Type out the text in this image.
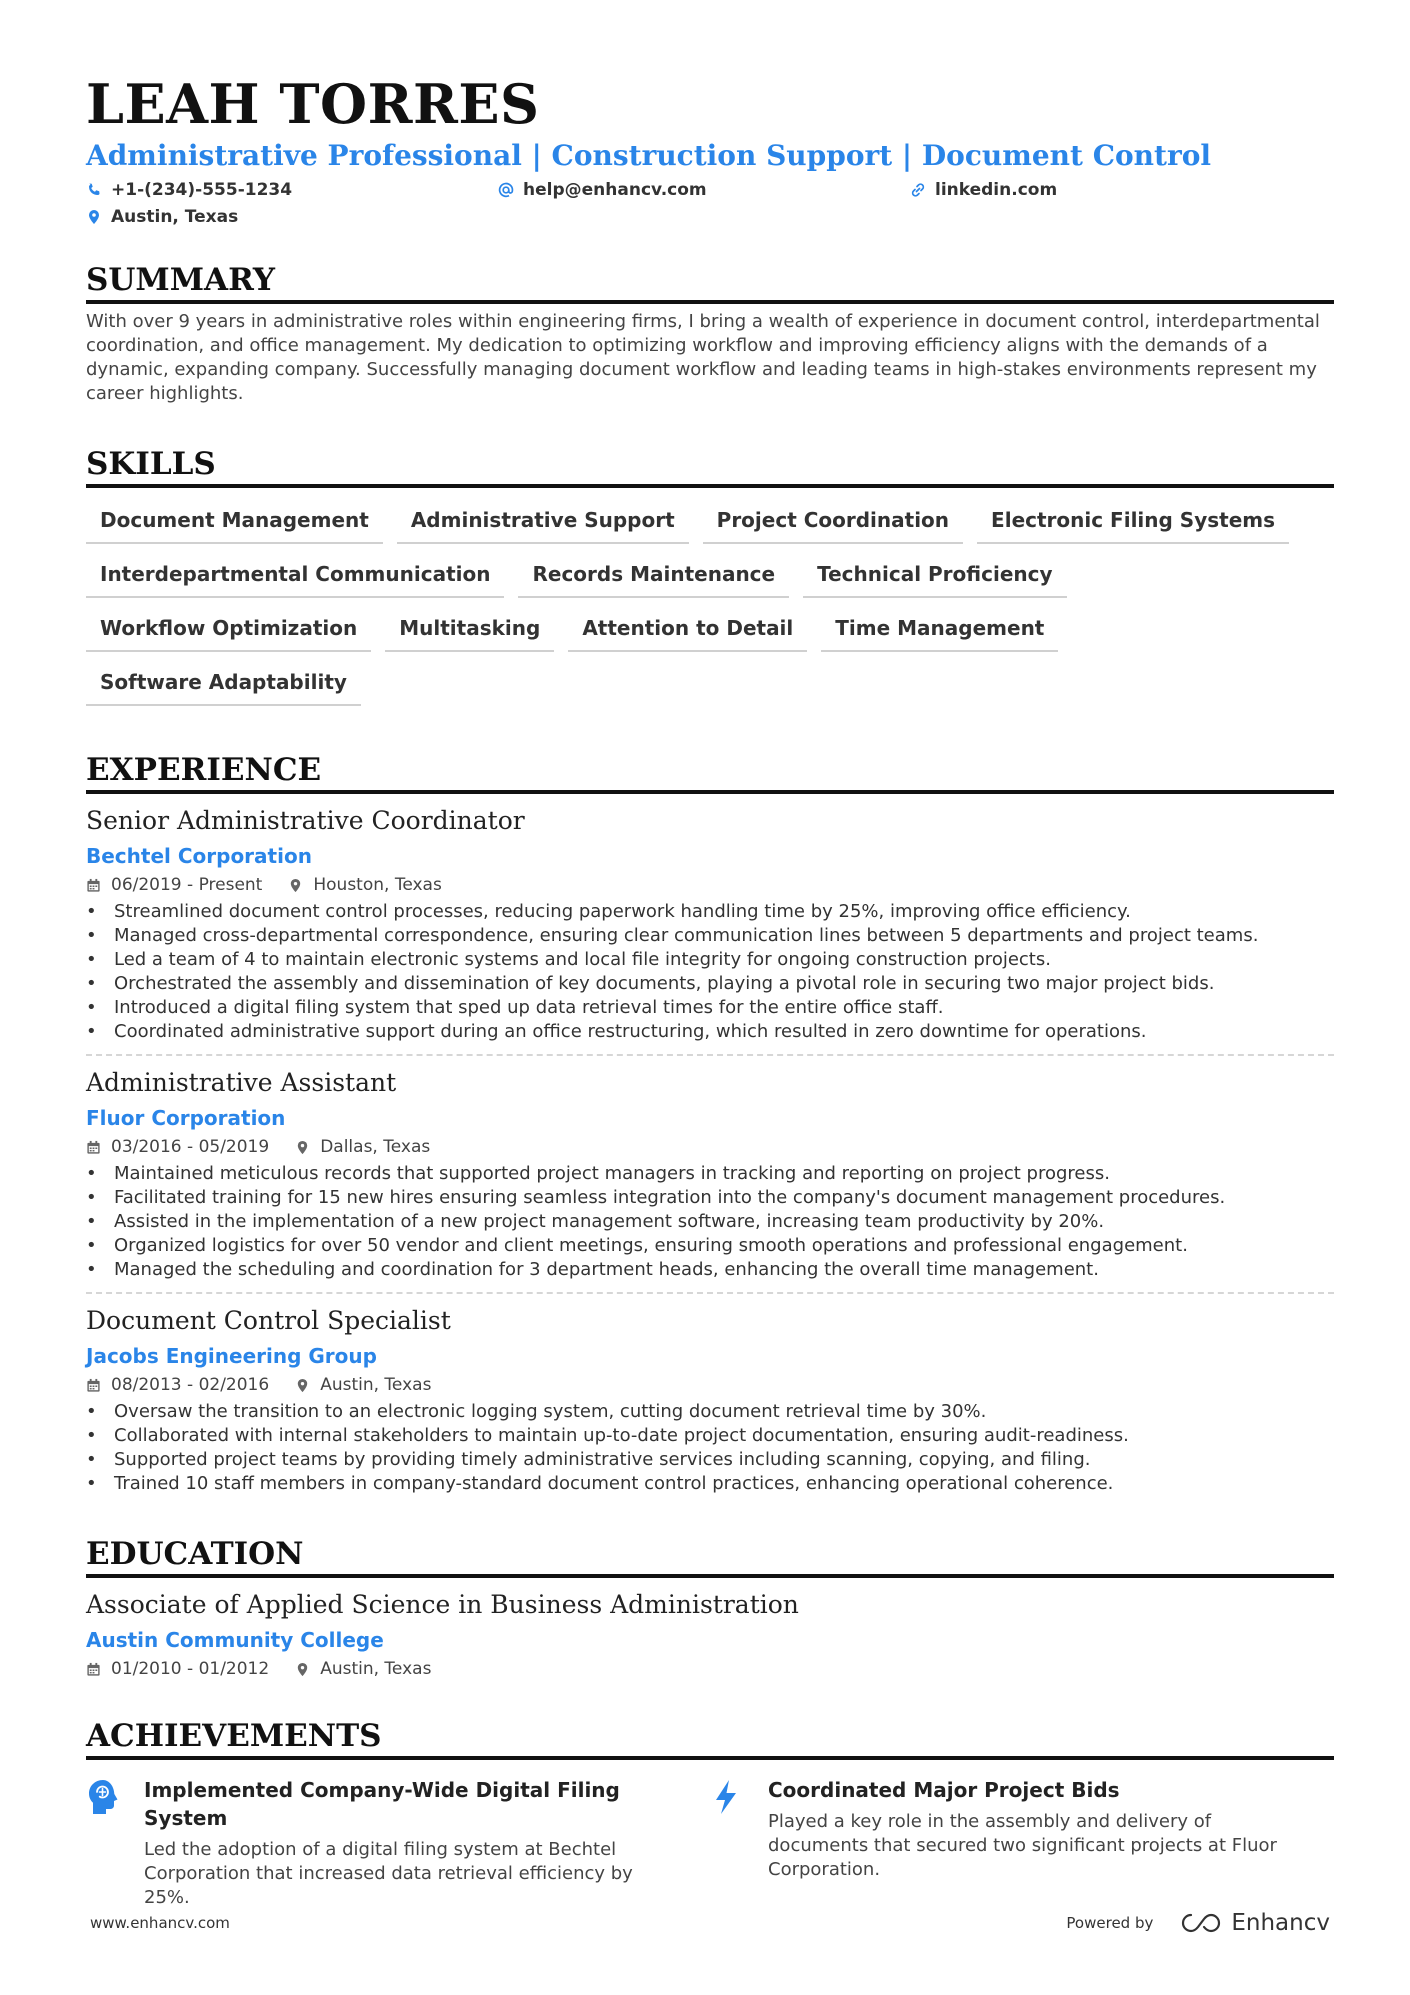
LEAH TORRES
Administrative Professional | Construction Support | Document Control
+1-(234)-555-1234	help@enhancv.com	linkedin.com
Austin, Texas
SUMMARY

With over 9 years in administrative roles within engineering firms, I bring a wealth of experience in document control, interdepartmental coordination, and office management. My dedication to optimizing workflow and improving efficiency aligns with the demands of a dynamic, expanding company. Successfully managing document workflow and leading teams in high-stakes environments represent my career highlights.

SKILLS
Document Management	Administrative Support	Project Coordination	Electronic Filing Systems
Interdepartmental Communication	Records Maintenance	Technical Proficiency
Workflow Optimization	Multitasking	Attention to Detail	Time Management
Software Adaptability
EXPERIENCE
Senior Administrative Coordinator
Bechtel Corporation
06/2019 - Present	Houston, Texas
• Streamlined document control processes, reducing paperwork handling time by 25%, improving office efficiency.
• Managed cross-departmental correspondence, ensuring clear communication lines between 5 departments and project teams.
• Led a team of 4 to maintain electronic systems and local file integrity for ongoing construction projects.
• Orchestrated the assembly and dissemination of key documents, playing a pivotal role in securing two major project bids.
• Introduced a digital filing system that sped up data retrieval times for the entire office staff.
• Coordinated administrative support during an office restructuring, which resulted in zero downtime for operations.
Administrative Assistant
Fluor Corporation
03/2016 - 05/2019	Dallas, Texas
• Maintained meticulous records that supported project managers in tracking and reporting on project progress.
• Facilitated training for 15 new hires ensuring seamless integration into the company's document management procedures.
• Assisted in the implementation of a new project management software, increasing team productivity by 20%.
• Organized logistics for over 50 vendor and client meetings, ensuring smooth operations and professional engagement.
• Managed the scheduling and coordination for 3 department heads, enhancing the overall time management.
Document Control Specialist
Jacobs Engineering Group
08/2013 - 02/2016	Austin, Texas
• Oversaw the transition to an electronic logging system, cutting document retrieval time by 30%.
• Collaborated with internal stakeholders to maintain up-to-date project documentation, ensuring audit-readiness.
• Supported project teams by providing timely administrative services including scanning, copying, and filing.
• Trained 10 staff members in company-standard document control practices, enhancing operational coherence.
EDUCATION
Associate of Applied Science in Business Administration
Austin Community College
01/2010 - 01/2012	Austin, Texas
ACHIEVEMENTS
Implemented Company-Wide Digital Filing System
Led the adoption of a digital filing system at Bechtel Corporation that increased data retrieval efficiency by 25%.
Coordinated Major Project Bids
Played a key role in the assembly and delivery of documents that secured two significant projects at Fluor Corporation.
www.enhancv.com	Powered by	Enhancv
